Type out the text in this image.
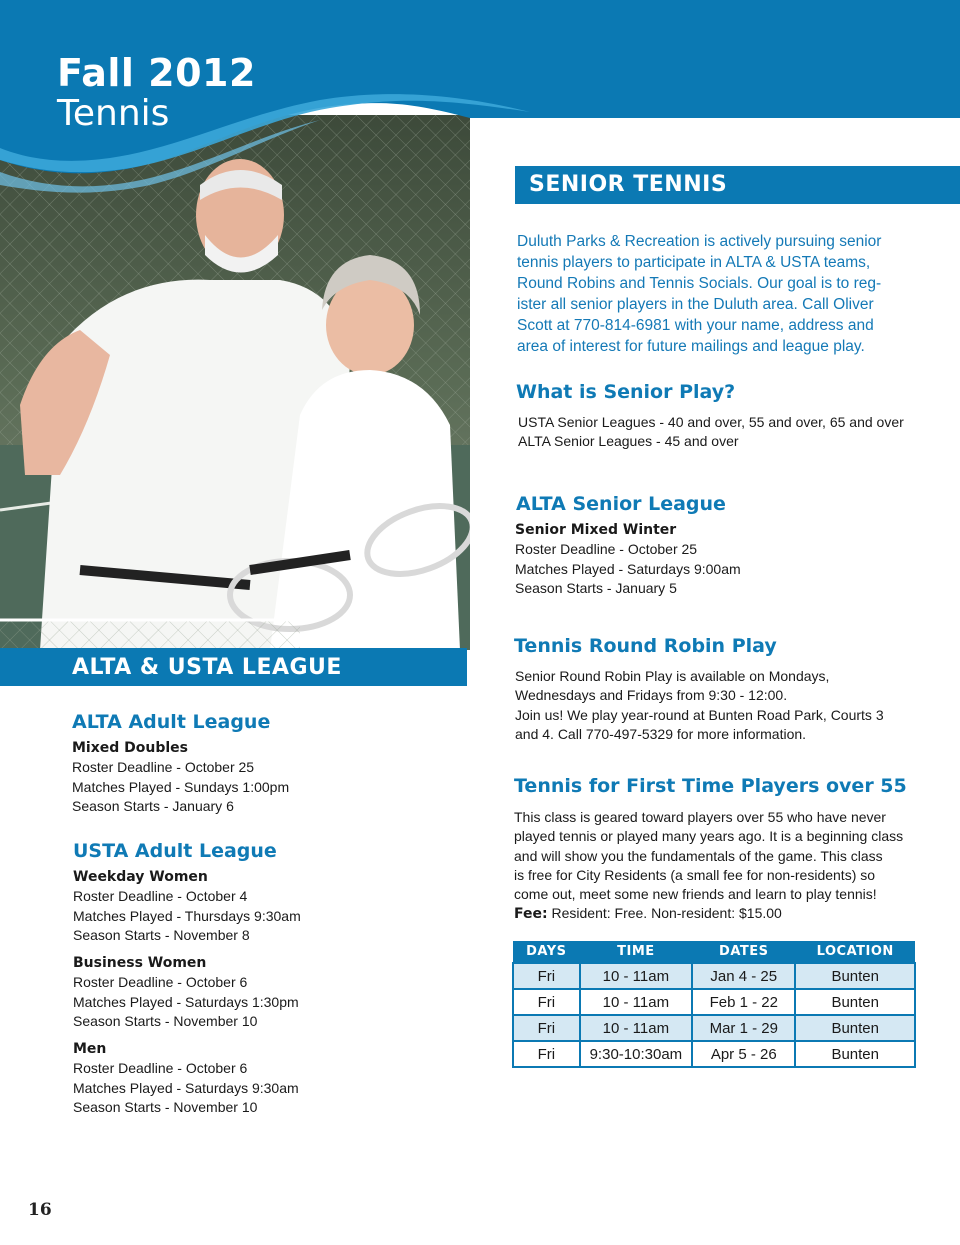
Fall 2012
Tennis
SENIOR TENNIS
Duluth Parks & Recreation is actively pursuing senior
tennis players to participate in ALTA & USTA teams,
Round Robins and Tennis Socials. Our goal is to reg-
ister all senior players in the Duluth area. Call Oliver
Scott at 770-814-6981 with your name, address and
area of interest for future mailings and league play.
What is Senior Play?
USTA Senior Leagues - 40 and over, 55 and over, 65 and over
ALTA Senior Leagues - 45 and over
ALTA Senior League
Senior Mixed Winter
Roster Deadline - October 25
Matches Played - Saturdays 9:00am
Season Starts - January 5
Tennis Round Robin Play
Senior Round Robin Play is available on Mondays,
Wednesdays and Fridays from 9:30 - 12:00.
Join us! We play year-round at Bunten Road Park, Courts 3
and 4. Call 770-497-5329 for more information.
Tennis for First Time Players over 55
This class is geared toward players over 55 who have never
played tennis or played many years ago. It is a beginning class
and will show you the fundamentals of the game. This class
is free for City Residents (a small fee for non-residents) so
come out, meet some new friends and learn to play tennis!
Fee: Resident: Free. Non-resident: $15.00
DAYS	TIME	DATES	LOCATION
Fri	10 - 11am	Jan 4 - 25	Bunten
Fri	10 - 11am	Feb 1 - 22	Bunten
Fri	10 - 11am	Mar 1 - 29	Bunten
Fri	9:30-10:30am	Apr 5 - 26	Bunten
ALTA & USTA LEAGUE
ALTA Adult League
Mixed Doubles
Roster Deadline - October 25
Matches Played - Sundays 1:00pm
Season Starts - January 6
USTA Adult League
Weekday Women
Roster Deadline - October 4
Matches Played - Thursdays 9:30am
Season Starts - November 8
Business Women
Roster Deadline - October 6
Matches Played - Saturdays 1:30pm
Season Starts - November 10
Men
Roster Deadline - October 6
Matches Played - Saturdays 9:30am
Season Starts - November 10
16
